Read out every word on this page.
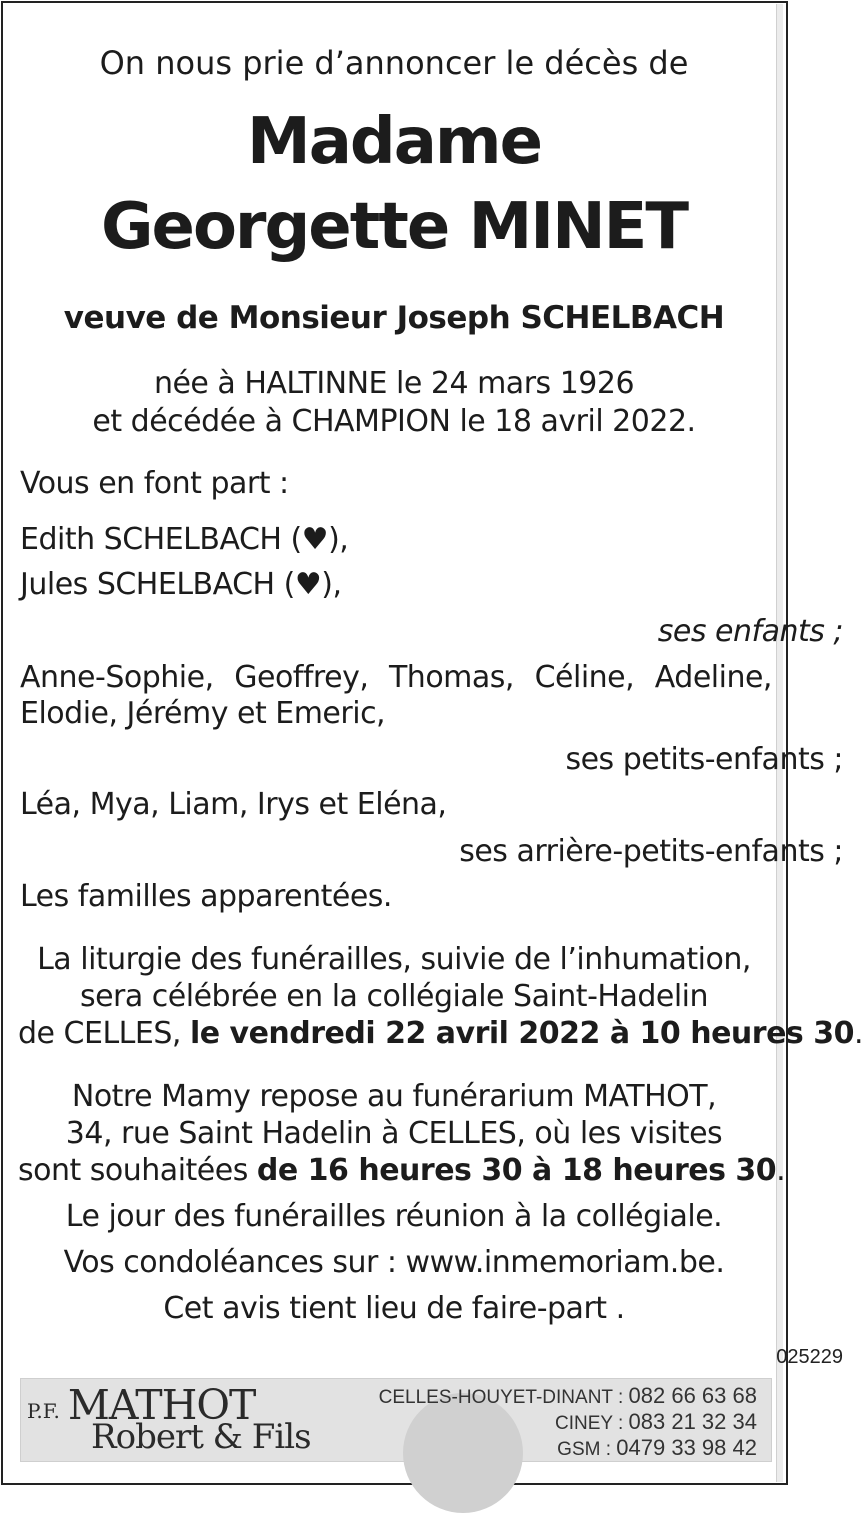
On nous prie d’annoncer le décès de
Madame
Georgette MINET
veuve de Monsieur Joseph SCHELBACH
née à HALTINNE le 24 mars 1926
et décédée à CHAMPION le 18 avril 2022.
Vous en font part :
Edith SCHELBACH (♥),
Jules SCHELBACH (♥),
ses enfants ;
Anne-Sophie, Geoffrey, Thomas, Céline, Adeline,
Elodie, Jérémy et Emeric,
ses petits-enfants ;
Léa, Mya, Liam, Irys et Eléna,
ses arrière-petits-enfants ;
Les familles apparentées.
La liturgie des funérailles, suivie de l’inhumation,
sera célébrée en la collégiale Saint-Hadelin
de CELLES, le vendredi 22 avril 2022 à 10 heures 30.
Notre Mamy repose au funérarium MATHOT,
34, rue Saint Hadelin à CELLES, où les visites
sont souhaitées de 16 heures 30 à 18 heures 30.
Le jour des funérailles réunion à la collégiale.
Vos condoléances sur : www.inmemoriam.be.
Cet avis tient lieu de faire-part .
025229
P.F. MATHOT
Robert & Fils
CELLES-HOUYET-DINANT : 082 66 63 68
CINEY : 083 21 32 34
GSM : 0479 33 98 42
